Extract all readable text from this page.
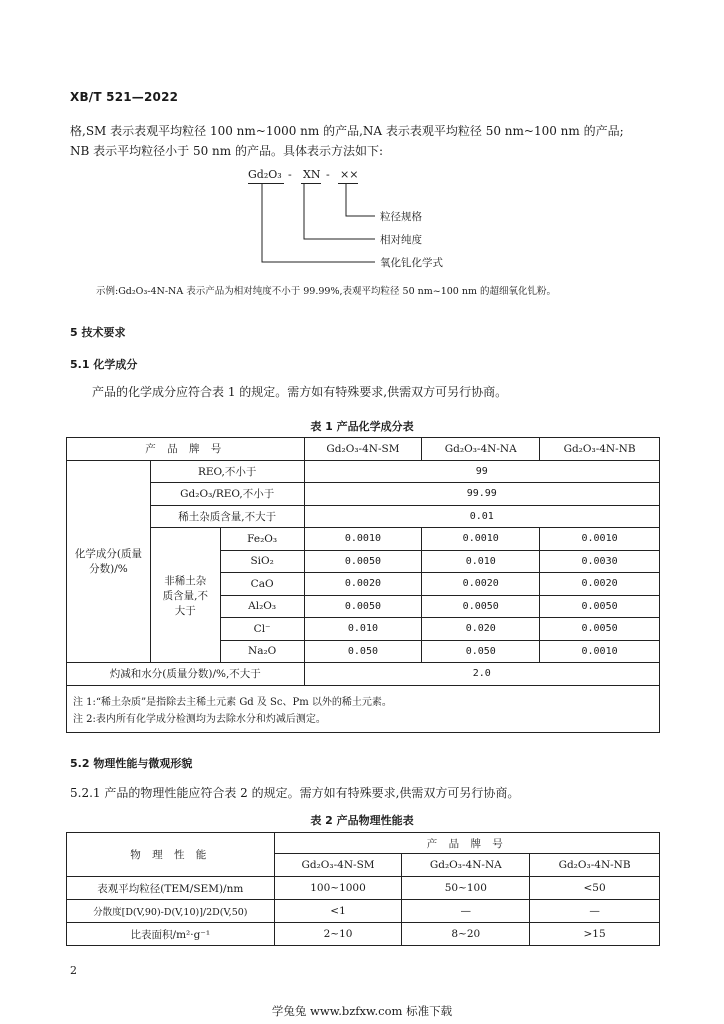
XB/T 521—2022
格,SM 表示表观平均粒径 100 nm~1000 nm 的产品,NA 表示表观平均粒径 50 nm~100 nm 的产品;
NB 表示平均粒径小于 50 nm 的产品。具体表示方法如下:
Gd₂O₃ - XN - ××
粒径规格
相对纯度
氧化钆化学式
示例:Gd₂O₃-4N-NA 表示产品为相对纯度不小于 99.99%,表观平均粒径 50 nm~100 nm 的超细氧化钆粉。
5 技术要求
5.1 化学成分
产品的化学成分应符合表 1 的规定。需方如有特殊要求,供需双方可另行协商。
表 1 产品化学成分表
产 品 牌 号			Gd₂O₃-4N-SM	Gd₂O₃-4N-NA	Gd₂O₃-4N-NB
化学成分(质量分数)/%	REO,不小于		99		
	Gd₂O₃/REO,不小于		99.99		
	稀土杂质含量,不大于		0.01		
	非稀土杂质含量,不大于	Fe₂O₃	0.0010	0.0010	0.0010
		SiO₂	0.0050	0.010	0.0030
		CaO	0.0020	0.0020	0.0020
		Al₂O₃	0.0050	0.0050	0.0050
		Cl⁻	0.010	0.020	0.0050
		Na₂O	0.050	0.050	0.0010
灼减和水分(质量分数)/%,不大于			2.0		
注 1:“稀土杂质”是指除去主稀土元素 Gd 及 Sc、Pm 以外的稀土元素。					
注 2:表内所有化学成分检测均为去除水分和灼减后测定。					
5.2 物理性能与微观形貌
5.2.1 产品的物理性能应符合表 2 的规定。需方如有特殊要求,供需双方可另行协商。
表 2 产品物理性能表
物 理 性 能	产 品 牌 号		
	Gd₂O₃-4N-SM	Gd₂O₃-4N-NA	Gd₂O₃-4N-NB
表观平均粒径(TEM/SEM)/nm	100~1000	50~100	<50
分散度[D(V,90)-D(V,10)]/2D(V,50)	<1	—	—
比表面积/m²·g⁻¹	2~10	8~20	>15
2
学兔兔 www.bzfxw.com 标准下载
